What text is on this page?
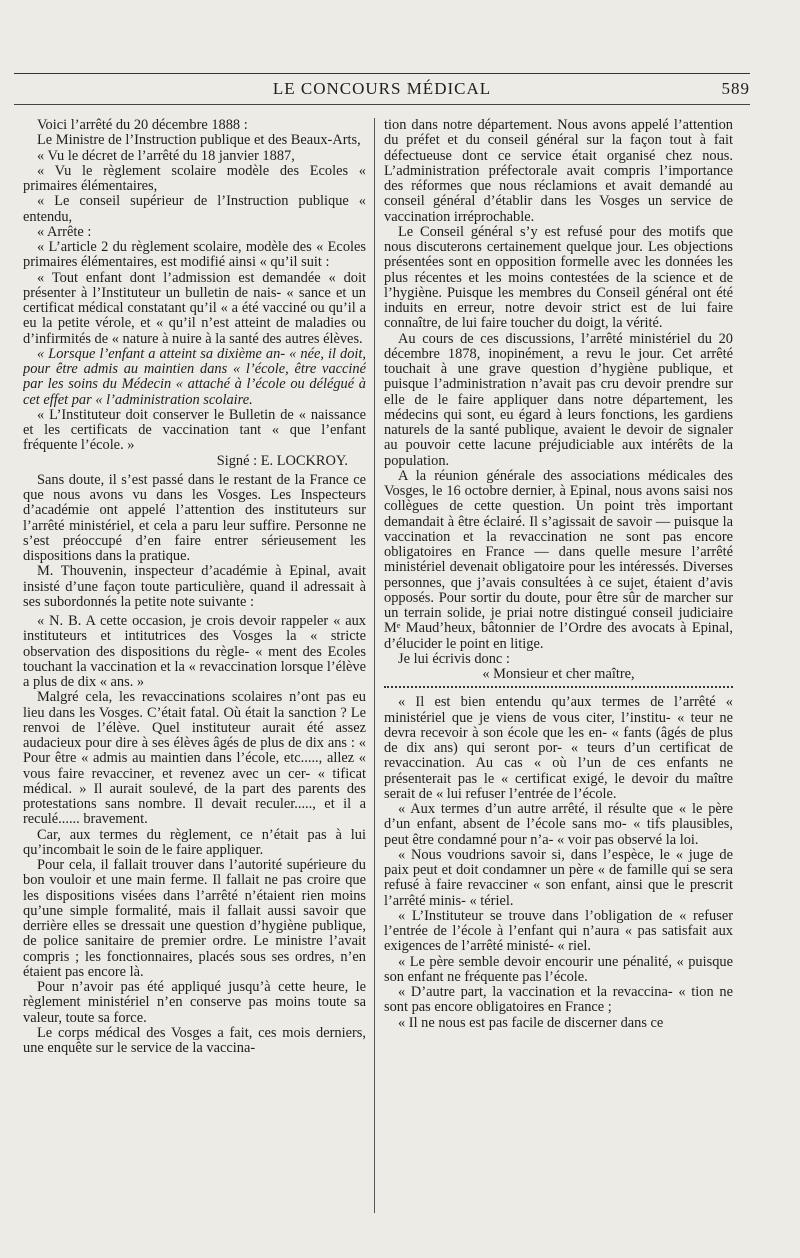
LE CONCOURS MÉDICAL	589

Voici l’arrêté du 20 décembre 1888 :

Le Ministre de l’Instruction publique et des Beaux-Arts,

« Vu le décret de l’arrêté du 18 janvier 1887,

« Vu le règlement scolaire modèle des Ecoles « primaires élémentaires,

« Le conseil supérieur de l’Instruction publique « entendu,

« Arrête :

« L’article 2 du règlement scolaire, modèle des « Ecoles primaires élémentaires, est modifié ainsi « qu’il suit :

« Tout enfant dont l’admission est demandée « doit présenter à l’Instituteur un bulletin de nais- « sance et un certificat médical constatant qu’il « a été vacciné ou qu’il a eu la petite vérole, et « qu’il n’est atteint de maladies ou d’infirmités de « nature à nuire à la santé des autres élèves.

« Lorsque l’enfant a atteint sa dixième an- « née, il doit, pour être admis au maintien dans « l’école, être vacciné par les soins du Médecin « attaché à l’école ou délégué à cet effet par « l’administration scolaire.

« L’Instituteur doit conserver le Bulletin de « naissance et les certificats de vaccination tant « que l’enfant fréquente l’école. »

Signé : E. LOCKROY.

Sans doute, il s’est passé dans le restant de la France ce que nous avons vu dans les Vosges. Les Inspecteurs d’académie ont appelé l’attention des instituteurs sur l’arrêté ministériel, et cela a paru leur suffire. Personne ne s’est préoccupé d’en faire entrer sérieusement les dispositions dans la pratique.

M. Thouvenin, inspecteur d’académie à Epinal, avait insisté d’une façon toute particulière, quand il adressait à ses subordonnés la petite note suivante :

« N. B. A cette occasion, je crois devoir rappeler « aux instituteurs et intitutrices des Vosges la « stricte observation des dispositions du règle- « ment des Ecoles touchant la vaccination et la « revaccination lorsque l’élève a plus de dix « ans. »

Malgré cela, les revaccinations scolaires n’ont pas eu lieu dans les Vosges. C’était fatal. Où était la sanction ? Le renvoi de l’élève. Quel instituteur aurait été assez audacieux pour dire à ses élèves âgés de plus de dix ans : « Pour être « admis au maintien dans l’école, etc....., allez « vous faire revacciner, et revenez avec un cer- « tificat médical. » Il aurait soulevé, de la part des parents des protestations sans nombre. Il devait reculer....., et il a reculé...... bravement.

Car, aux termes du règlement, ce n’était pas à lui qu’incombait le soin de le faire appliquer.

Pour cela, il fallait trouver dans l’autorité supérieure du bon vouloir et une main ferme. Il fallait ne pas croire que les dispositions visées dans l’arrêté n’étaient rien moins qu’une simple formalité, mais il fallait aussi savoir que derrière elles se dressait une question d’hygiène publique, de police sanitaire de premier ordre. Le ministre l’avait compris ; les fonctionnaires, placés sous ses ordres, n’en étaient pas encore là.

Pour n’avoir pas été appliqué jusqu’à cette heure, le règlement ministériel n’en conserve pas moins toute sa valeur, toute sa force.

Le corps médical des Vosges a fait, ces mois derniers, une enquête sur le service de la vaccina-

tion dans notre département. Nous avons appelé l’attention du préfet et du conseil général sur la façon tout à fait défectueuse dont ce service était organisé chez nous. L’administration préfectorale avait compris l’importance des réformes que nous réclamions et avait demandé au conseil général d’établir dans les Vosges un service de vaccination irréprochable.

Le Conseil général s’y est refusé pour des motifs que nous discuterons certainement quelque jour. Les objections présentées sont en opposition formelle avec les données les plus récentes et les moins contestées de la science et de l’hygiène. Puisque les membres du Conseil général ont été induits en erreur, notre devoir strict est de lui faire connaître, de lui faire toucher du doigt, la vérité.

Au cours de ces discussions, l’arrêté ministériel du 20 décembre 1878, inopinément, a revu le jour. Cet arrêté touchait à une grave question d’hygiène publique, et puisque l’administration n’avait pas cru devoir prendre sur elle de le faire appliquer dans notre département, les médecins qui sont, eu égard à leurs fonctions, les gardiens naturels de la santé publique, avaient le devoir de signaler au pouvoir cette lacune préjudiciable aux intérêts de la population.

A la réunion générale des associations médicales des Vosges, le 16 octobre dernier, à Epinal, nous avons saisi nos collègues de cette question. Un point très important demandait à être éclairé. Il s’agissait de savoir — puisque la vaccination et la revaccination ne sont pas encore obligatoires en France — dans quelle mesure l’arrêté ministériel devenait obligatoire pour les intéressés. Diverses personnes, que j’avais consultées à ce sujet, étaient d’avis opposés. Pour sortir du doute, pour être sûr de marcher sur un terrain solide, je priai notre distingué conseil judiciaire Mᵉ Maud’heux, bâtonnier de l’Ordre des avocats à Epinal, d’élucider le point en litige.

Je lui écrivis donc :

« Monsieur et cher maître,

« Il est bien entendu qu’aux termes de l’arrêté « ministériel que je viens de vous citer, l’institu- « teur ne devra recevoir à son école que les en- « fants (âgés de plus de dix ans) qui seront por- « teurs d’un certificat de revaccination. Au cas « où l’un de ces enfants ne présenterait pas le « certificat exigé, le devoir du maître serait de « lui refuser l’entrée de l’école.

« Aux termes d’un autre arrêté, il résulte que « le père d’un enfant, absent de l’école sans mo- « tifs plausibles, peut être condamné pour n’a- « voir pas observé la loi.

« Nous voudrions savoir si, dans l’espèce, le « juge de paix peut et doit condamner un père « de famille qui se sera refusé à faire revacciner « son enfant, ainsi que le prescrit l’arrêté minis- « tériel.

« L’Instituteur se trouve dans l’obligation de « refuser l’entrée de l’école à l’enfant qui n’aura « pas satisfait aux exigences de l’arrêté ministé- « riel.

« Le père semble devoir encourir une pénalité, « puisque son enfant ne fréquente pas l’école.

« D’autre part, la vaccination et la revaccina- « tion ne sont pas encore obligatoires en France ;

« Il ne nous est pas facile de discerner dans ce
